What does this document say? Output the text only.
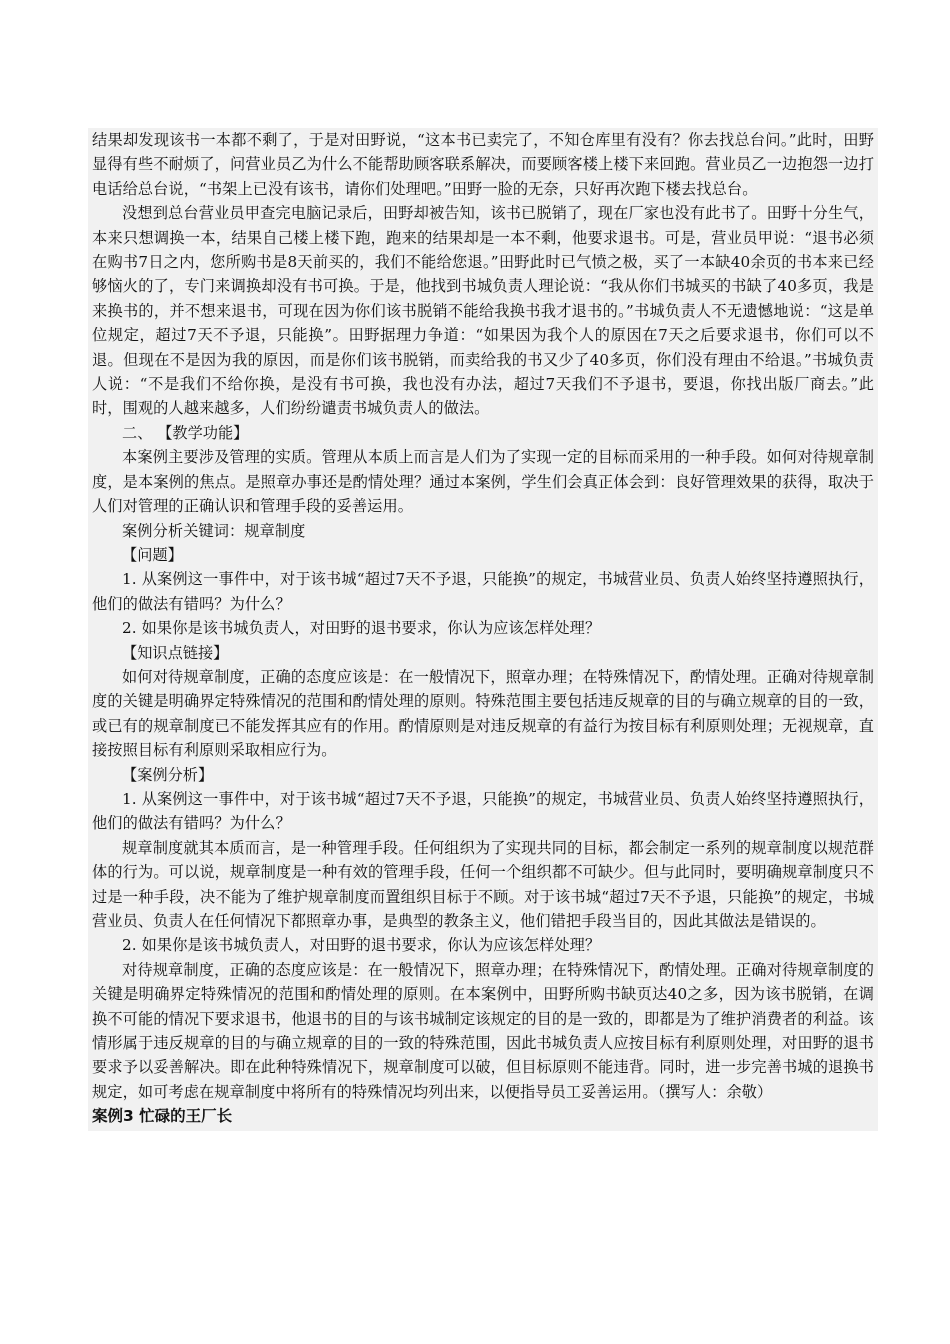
结果却发现该书一本都不剩了，于是对田野说，“这本书已卖完了，不知仓库里有没有？你去找总台问。”此时，田野显得有些不耐烦了，问营业员乙为什么不能帮助顾客联系解决，而要顾客楼上楼下来回跑。营业员乙一边抱怨一边打电话给总台说，“书架上已没有该书，请你们处理吧。”田野一脸的无奈，只好再次跑下楼去找总台。

没想到总台营业员甲查完电脑记录后，田野却被告知，该书已脱销了，现在厂家也没有此书了。田野十分生气，本来只想调换一本，结果自己楼上楼下跑，跑来的结果却是一本不剩，他要求退书。可是，营业员甲说：“退书必须在购书7日之内，您所购书是8天前买的，我们不能给您退。”田野此时已气愤之极，买了一本缺40余页的书本来已经够恼火的了，专门来调换却没有书可换。于是，他找到书城负责人理论说：“我从你们书城买的书缺了40多页，我是来换书的，并不想来退书，可现在因为你们该书脱销不能给我换书我才退书的。”书城负责人不无遗憾地说：“这是单位规定，超过7天不予退，只能换”。田野据理力争道：“如果因为我个人的原因在7天之后要求退书，你们可以不退。但现在不是因为我的原因，而是你们该书脱销，而卖给我的书又少了40多页，你们没有理由不给退。”书城负责人说：“不是我们不给你换，是没有书可换，我也没有办法，超过7天我们不予退书，要退，你找出版厂商去。”此时，围观的人越来越多，人们纷纷谴责书城负责人的做法。

二、 【教学功能】

本案例主要涉及管理的实质。管理从本质上而言是人们为了实现一定的目标而采用的一种手段。如何对待规章制度，是本案例的焦点。是照章办事还是酌情处理？通过本案例，学生们会真正体会到：良好管理效果的获得，取决于人们对管理的正确认识和管理手段的妥善运用。

案例分析关键词：规章制度

【问题】

1. 从案例这一事件中，对于该书城“超过7天不予退，只能换”的规定，书城营业员、负责人始终坚持遵照执行，他们的做法有错吗？为什么？

2. 如果你是该书城负责人，对田野的退书要求，你认为应该怎样处理？

【知识点链接】

如何对待规章制度，正确的态度应该是：在一般情况下，照章办理；在特殊情况下，酌情处理。正确对待规章制度的关键是明确界定特殊情况的范围和酌情处理的原则。特殊范围主要包括违反规章的目的与确立规章的目的一致，或已有的规章制度已不能发挥其应有的作用。酌情原则是对违反规章的有益行为按目标有利原则处理；无视规章，直接按照目标有利原则采取相应行为。

【案例分析】

1. 从案例这一事件中，对于该书城“超过7天不予退，只能换”的规定，书城营业员、负责人始终坚持遵照执行，他们的做法有错吗？为什么？

规章制度就其本质而言，是一种管理手段。任何组织为了实现共同的目标，都会制定一系列的规章制度以规范群体的行为。可以说，规章制度是一种有效的管理手段，任何一个组织都不可缺少。但与此同时，要明确规章制度只不过是一种手段，决不能为了维护规章制度而置组织目标于不顾。对于该书城“超过7天不予退，只能换”的规定，书城营业员、负责人在任何情况下都照章办事，是典型的教条主义，他们错把手段当目的，因此其做法是错误的。

2. 如果你是该书城负责人，对田野的退书要求，你认为应该怎样处理？

对待规章制度，正确的态度应该是：在一般情况下，照章办理；在特殊情况下，酌情处理。正确对待规章制度的关键是明确界定特殊情况的范围和酌情处理的原则。在本案例中，田野所购书缺页达40之多，因为该书脱销，在调换不可能的情况下要求退书，他退书的目的与该书城制定该规定的目的是一致的，即都是为了维护消费者的利益。该情形属于违反规章的目的与确立规章的目的一致的特殊范围，因此书城负责人应按目标有利原则处理，对田野的退书要求予以妥善解决。即在此种特殊情况下，规章制度可以破，但目标原则不能违背。同时，进一步完善书城的退换书规定，如可考虑在规章制度中将所有的特殊情况均列出来，以便指导员工妥善运用。（撰写人：余敬）

案例3 忙碌的王厂长
